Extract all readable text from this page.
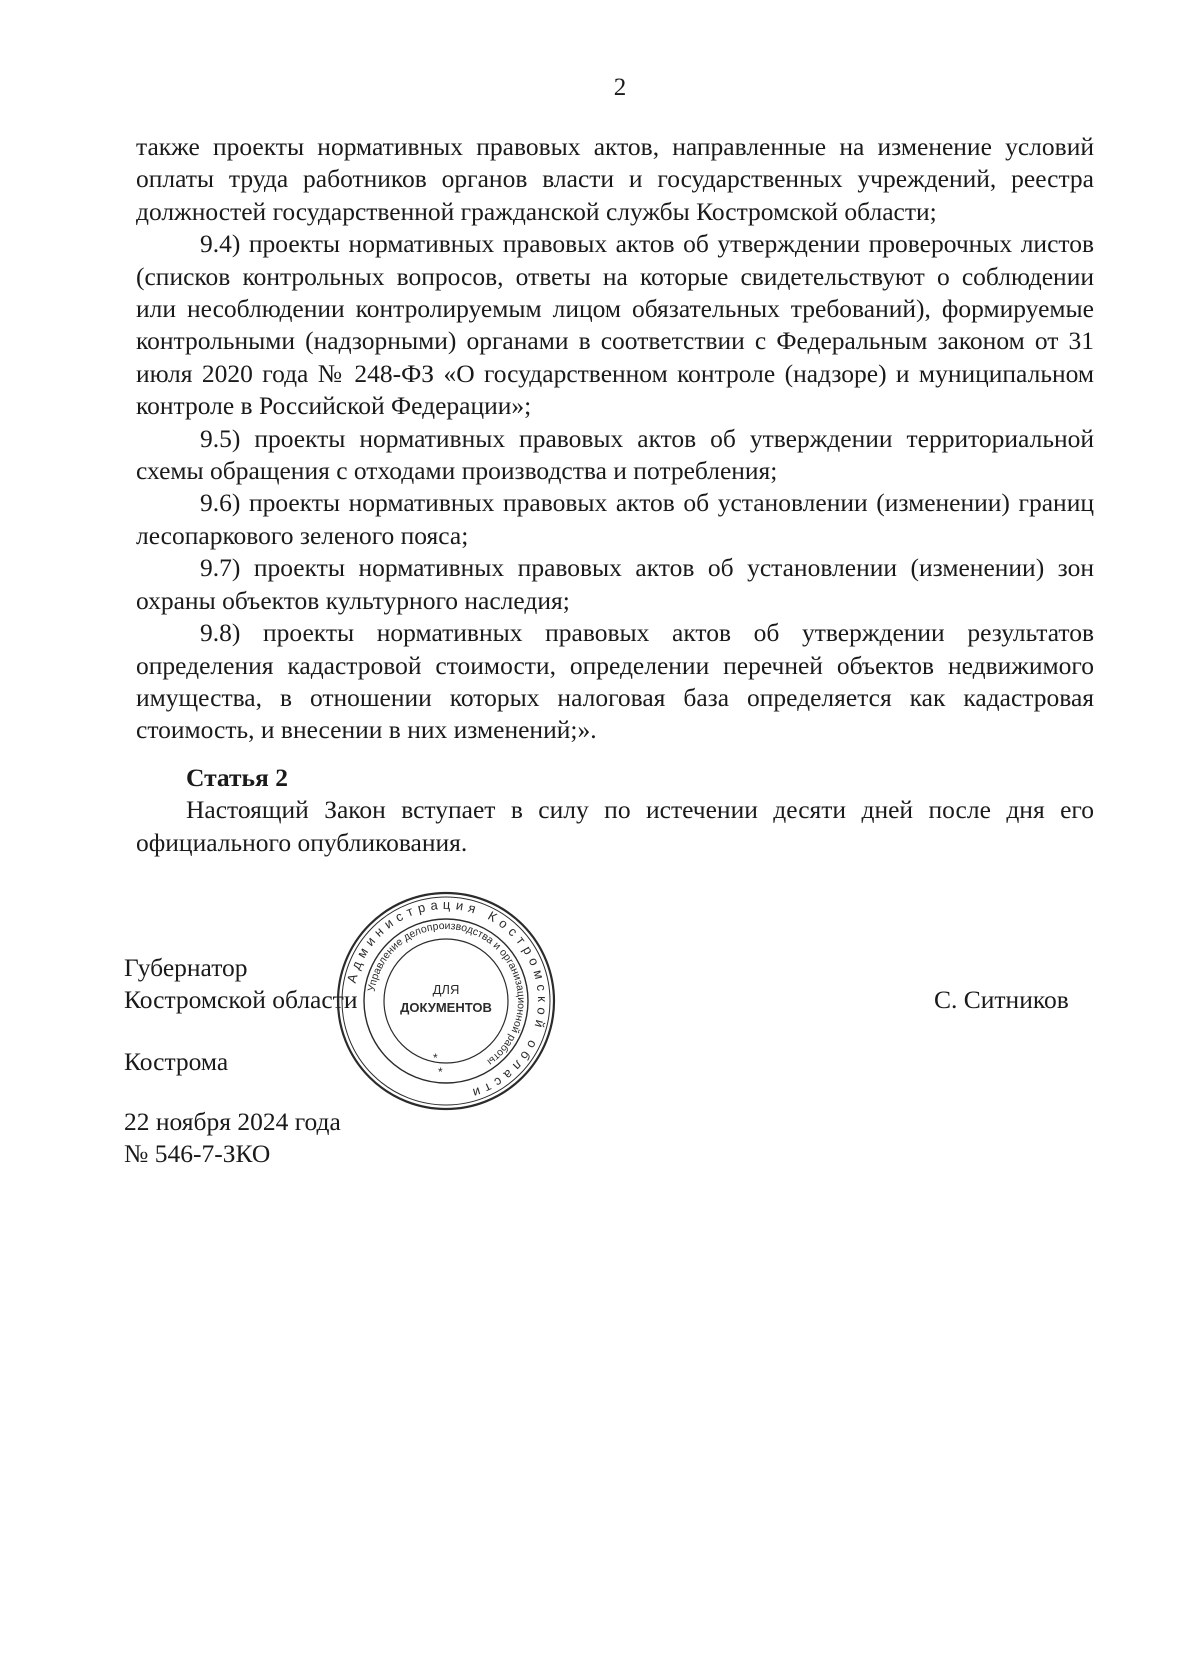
2

также проекты нормативных правовых актов, направленные на изменение условий оплаты труда работников органов власти и государственных учреждений, реестра должностей государственной гражданской службы Костромской области;

9.4) проекты нормативных правовых актов об утверждении проверочных листов (списков контрольных вопросов, ответы на которые свидетельствуют о соблюдении или несоблюдении контролируемым лицом обязательных требований), формируемые контрольными (надзорными) органами в соответствии с Федеральным законом от 31 июля 2020 года № 248-ФЗ «О государственном контроле (надзоре) и муниципальном контроле в Российской Федерации»;

9.5) проекты нормативных правовых актов об утверждении территориальной схемы обращения с отходами производства и потребления;

9.6) проекты нормативных правовых актов об установлении (изменении) границ лесопаркового зеленого пояса;

9.7) проекты нормативных правовых актов об установлении (изменении) зон охраны объектов культурного наследия;

9.8) проекты нормативных правовых актов об утверждении результатов определения кадастровой стоимости, определении перечней объектов недвижимого имущества, в отношении которых налоговая база определяется как кадастровая стоимость, и внесении в них изменений;».

Статья 2

Настоящий Закон вступает в силу по истечении десяти дней после дня его официального опубликования.

Губернатор
Костромской области	С. Ситников
Кострома
22 ноября 2024 года
№ 546-7-ЗКО
Администрация Костромской области
Управление делопроизводства и организационной работы
ДЛЯ
ДОКУМЕНТОВ
*
*
